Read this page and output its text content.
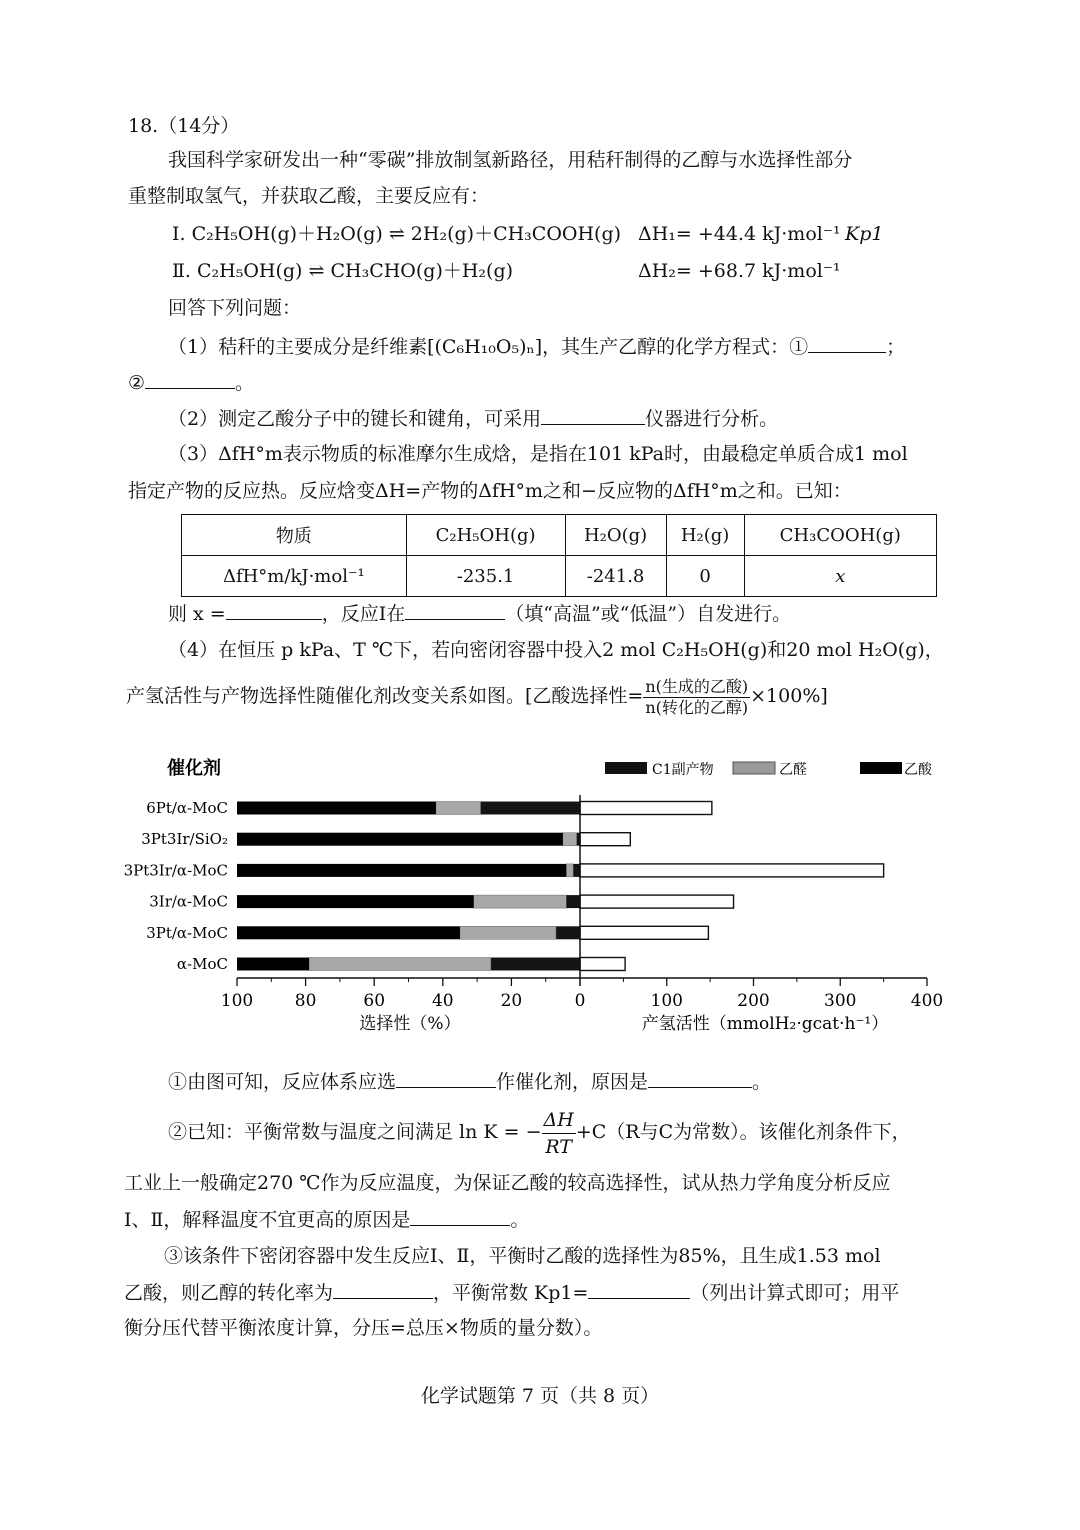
18.（14分）
我国科学家研发出一种“零碳”排放制氢新路径，用秸秆制得的乙醇与水选择性部分
重整制取氢气，并获取乙酸，主要反应有：
Ⅰ. C₂H₅OH(g)＋H₂O(g) ⇌ 2H₂(g)＋CH₃COOH(g) ΔH₁= +44.4 kJ·mol⁻¹ Kp1
Ⅱ. C₂H₅OH(g) ⇌ CH₃CHO(g)＋H₂(g)	ΔH₂= +68.7 kJ·mol⁻¹
回答下列问题：
（1）秸秆的主要成分是纤维素[(C₆H₁₀O₅)ₙ]，其生产乙醇的化学方程式：①	；
②	。
（2）测定乙酸分子中的键长和键角，可采用	仪器进行分析。
（3）ΔfH°m表示物质的标准摩尔生成焓，是指在101 kPa时，由最稳定单质合成1 mol
指定产物的反应热。反应焓变ΔH=产物的ΔfH°m之和−反应物的ΔfH°m之和。已知：
物质	C₂H₅OH(g)	H₂O(g)	H₂(g)	CH₃COOH(g)
ΔfH°m/kJ·mol⁻¹	-235.1	-241.8	0	x
则 x =	，反应Ⅰ在	（填“高温”或“低温”）自发进行。
（4）在恒压 p kPa、T ℃下，若向密闭容器中投入2 mol C₂H₅OH(g)和20 mol H₂O(g)，
产氢活性与产物选择性随催化剂改变关系如图。[乙酸选择性= $\frac{\text{n(生成的乙酸)}}{\text{n(转化的乙醇)}} \times 100\%$]
催化剂	C1副产物	乙醛	乙酸
6Pt/α-MoC
3Pt3Ir/SiO₂
3Pt3Ir/α-MoC
3Ir/α-MoC
3Pt/α-MoC
α-MoC
100 80	60	40	20	0	100	200	300	400
选择性（%）	产氢活性（mmolH₂·gcat·h⁻¹）
①由图可知，反应体系应选	作催化剂，原因是	。
②已知：平衡常数与温度之间满足 ln K = − $\frac{\Delta H}{RT} +C(R$与C为常数）。该催化剂条件下，
工业上一般确定270 ℃作为反应温度，为保证乙酸的较高选择性，试从热力学角度分析反应
Ⅰ、Ⅱ，解释温度不宜更高的原因是	。
③该条件下密闭容器中发生反应Ⅰ、Ⅱ，平衡时乙酸的选择性为85%，且生成1.53 mol
乙酸，则乙醇的转化率为	，平衡常数 Kp1=	（列出计算式即可；用平
衡分压代替平衡浓度计算，分压=总压×物质的量分数）。
化学试题第 7 页（共 8 页）
